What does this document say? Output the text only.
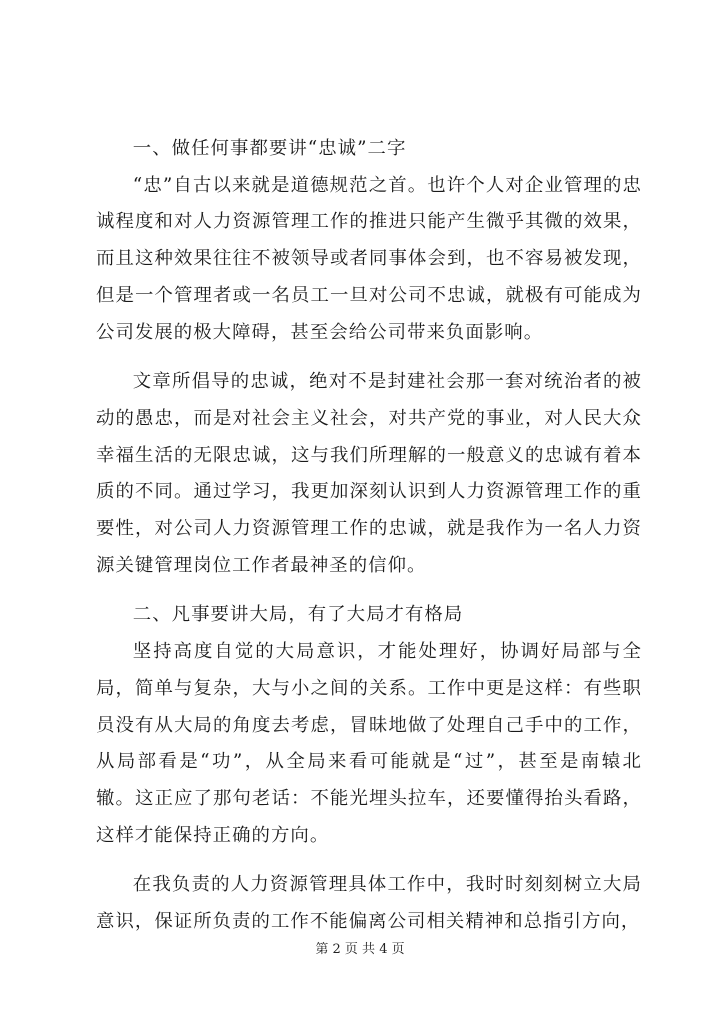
一、做任何事都要讲“忠诚”二字

“忠”自古以来就是道德规范之首。也许个人对企业管理的忠诚程度和对人力资源管理工作的推进只能产生微乎其微的效果，而且这种效果往往不被领导或者同事体会到，也不容易被发现，但是一个管理者或一名员工一旦对公司不忠诚，就极有可能成为公司发展的极大障碍，甚至会给公司带来负面影响。

文章所倡导的忠诚，绝对不是封建社会那一套对统治者的被动的愚忠，而是对社会主义社会，对共产党的事业，对人民大众幸福生活的无限忠诚，这与我们所理解的一般意义的忠诚有着本质的不同。通过学习，我更加深刻认识到人力资源管理工作的重要性，对公司人力资源管理工作的忠诚，就是我作为一名人力资源关键管理岗位工作者最神圣的信仰。

二、凡事要讲大局，有了大局才有格局

坚持高度自觉的大局意识，才能处理好，协调好局部与全局，简单与复杂，大与小之间的关系。工作中更是这样：有些职员没有从大局的角度去考虑，冒昧地做了处理自己手中的工作，从局部看是“功”，从全局来看可能就是“过”，甚至是南辕北辙。这正应了那句老话：不能光埋头拉车，还要懂得抬头看路，这样才能保持正确的方向。

在我负责的人力资源管理具体工作中，我时时刻刻树立大局意识，保证所负责的工作不能偏离公司相关精神和总指引方向，

第 2 页 共 4 页
